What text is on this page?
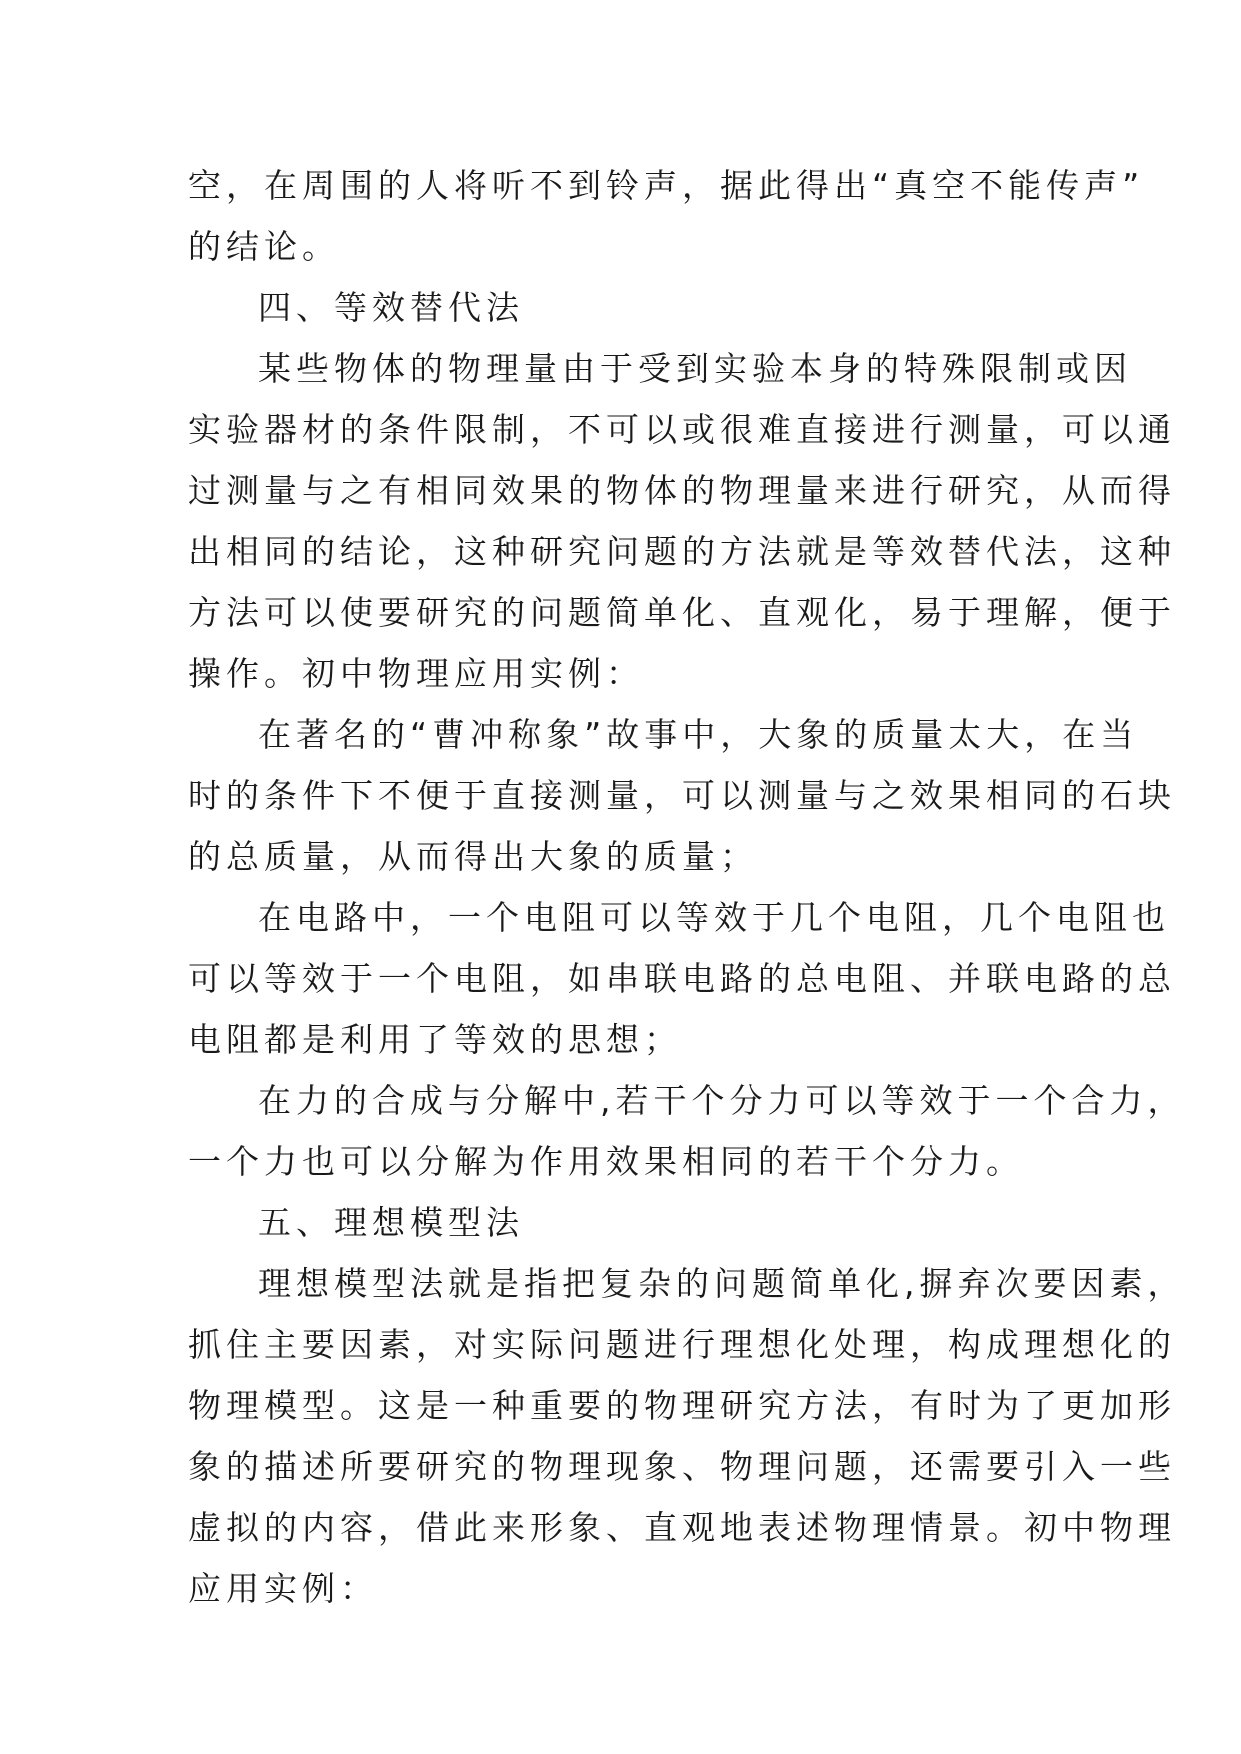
空，在周围的人将听不到铃声，据此得出“真空不能传声”
的结论。
四、等效替代法
某些物体的物理量由于受到实验本身的特殊限制或因
实验器材的条件限制，不可以或很难直接进行测量，可以通
过测量与之有相同效果的物体的物理量来进行研究，从而得
出相同的结论，这种研究问题的方法就是等效替代法，这种
方法可以使要研究的问题简单化、直观化，易于理解，便于
操作。初中物理应用实例：
在著名的“曹冲称象”故事中，大象的质量太大，在当
时的条件下不便于直接测量，可以测量与之效果相同的石块
的总质量，从而得出大象的质量；
在电路中，一个电阻可以等效于几个电阻，几个电阻也
可以等效于一个电阻，如串联电路的总电阻、并联电路的总
电阻都是利用了等效的思想；
在力的合成与分解中,若干个分力可以等效于一个合力，
一个力也可以分解为作用效果相同的若干个分力。
五、理想模型法
理想模型法就是指把复杂的问题简单化,摒弃次要因素，
抓住主要因素，对实际问题进行理想化处理，构成理想化的
物理模型。这是一种重要的物理研究方法，有时为了更加形
象的描述所要研究的物理现象、物理问题，还需要引入一些
虚拟的内容，借此来形象、直观地表述物理情景。初中物理
应用实例：
